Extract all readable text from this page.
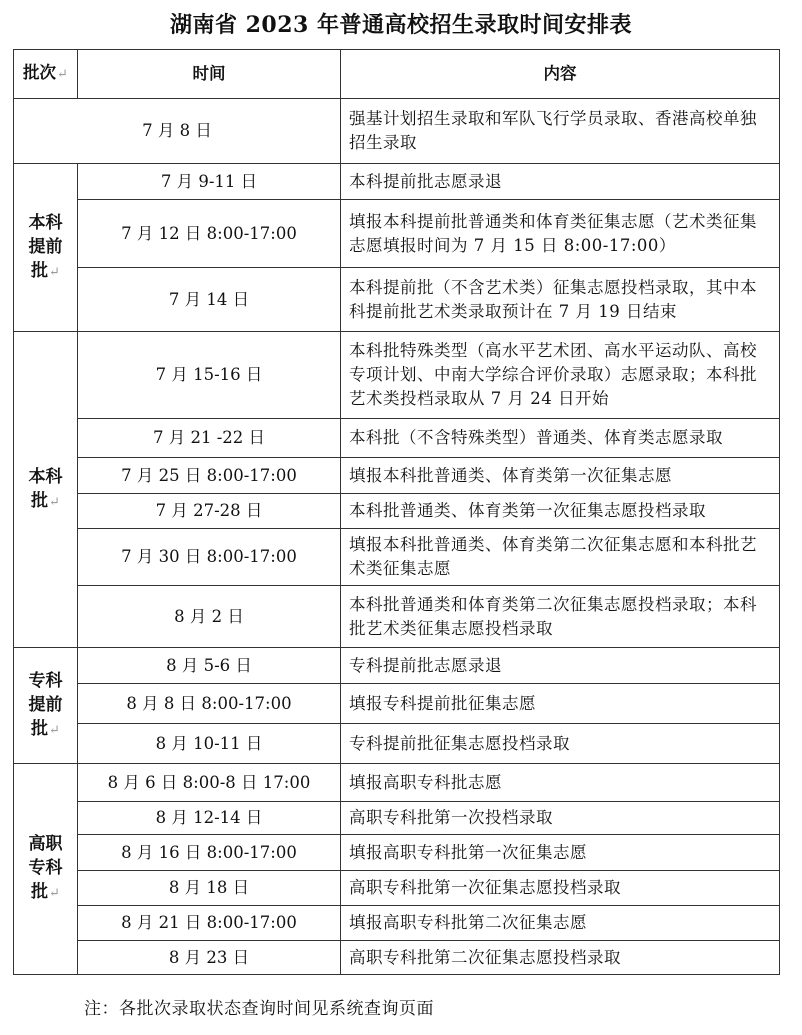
湖南省 2023 年普通高校招生录取时间安排表
批次↵	时间	内容
7 月 8 日		强基计划招生录取和军队飞行学员录取、香港高校单独招生录取
本科
提前
批↵	7 月 9-11 日	本科提前批志愿录退
	7 月 12 日 8:00-17:00	填报本科提前批普通类和体育类征集志愿（艺术类征集志愿填报时间为 7 月 15 日 8:00-17:00）
	7 月 14 日	本科提前批（不含艺术类）征集志愿投档录取，其中本科提前批艺术类录取预计在 7 月 19 日结束
本科
批↵	7 月 15-16 日	本科批特殊类型（高水平艺术团、高水平运动队、高校专项计划、中南大学综合评价录取）志愿录取；本科批艺术类投档录取从 7 月 24 日开始
	7 月 21 -22 日	本科批（不含特殊类型）普通类、体育类志愿录取
	7 月 25 日 8:00-17:00	填报本科批普通类、体育类第一次征集志愿
	7 月 27-28 日	本科批普通类、体育类第一次征集志愿投档录取
	7 月 30 日 8:00-17:00	填报本科批普通类、体育类第二次征集志愿和本科批艺术类征集志愿
	8 月 2 日	本科批普通类和体育类第二次征集志愿投档录取；本科批艺术类征集志愿投档录取
专科
提前
批↵	8 月 5-6 日	专科提前批志愿录退
	8 月 8 日 8:00-17:00	填报专科提前批征集志愿
	8 月 10-11 日	专科提前批征集志愿投档录取
高职
专科
批↵	8 月 6 日 8:00-8 日 17:00	填报高职专科批志愿
	8 月 12-14 日	高职专科批第一次投档录取
	8 月 16 日 8:00-17:00	填报高职专科批第一次征集志愿
	8 月 18 日	高职专科批第一次征集志愿投档录取
	8 月 21 日 8:00-17:00	填报高职专科批第二次征集志愿
	8 月 23 日	高职专科批第二次征集志愿投档录取
注：各批次录取状态查询时间见系统查询页面
